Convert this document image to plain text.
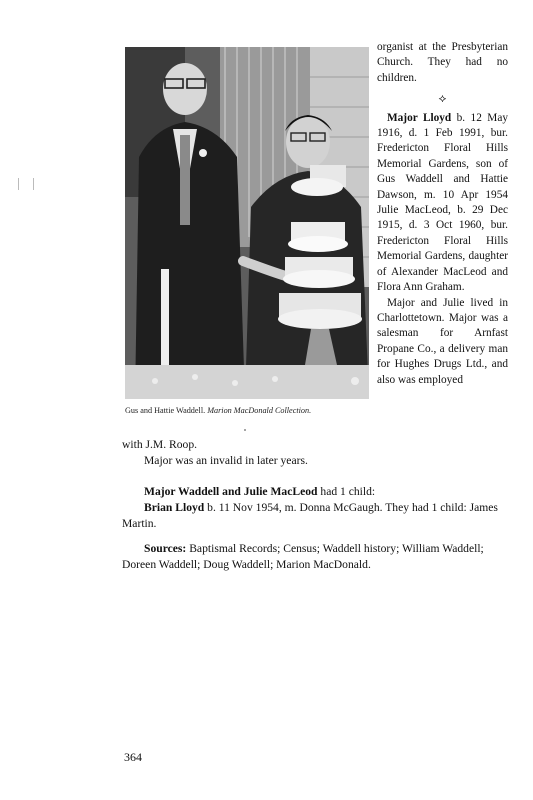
Gus and Hattie Waddell. Marion MacDonald Collection.

organist at the Presbyterian Church. They had no children.

⟡

Major Lloyd b. 12 May 1916, d. 1 Feb 1991, bur. Fredericton Floral Hills Memorial Gardens, son of Gus Waddell and Hattie Dawson, m. 10 Apr 1954 Julie MacLeod, b. 29 Dec 1915, d. 3 Oct 1960, bur. Fredericton Floral Hills Memorial Gardens, daughter of Alexander MacLeod and Flora Ann Graham.

Major and Julie lived in Charlottetown. Major was a salesman for Arnfast Propane Co., a delivery man for Hughes Drugs Ltd., and also was employed

with J.M. Roop.

Major was an invalid in later years.

Major Waddell and Julie MacLeod had 1 child:

Brian Lloyd b. 11 Nov 1954, m. Donna McGaugh. They had 1 child: James Martin.

Sources: Baptismal Records; Census; Waddell history; William Waddell; Doreen Waddell; Doug Waddell; Marion MacDonald.

364
